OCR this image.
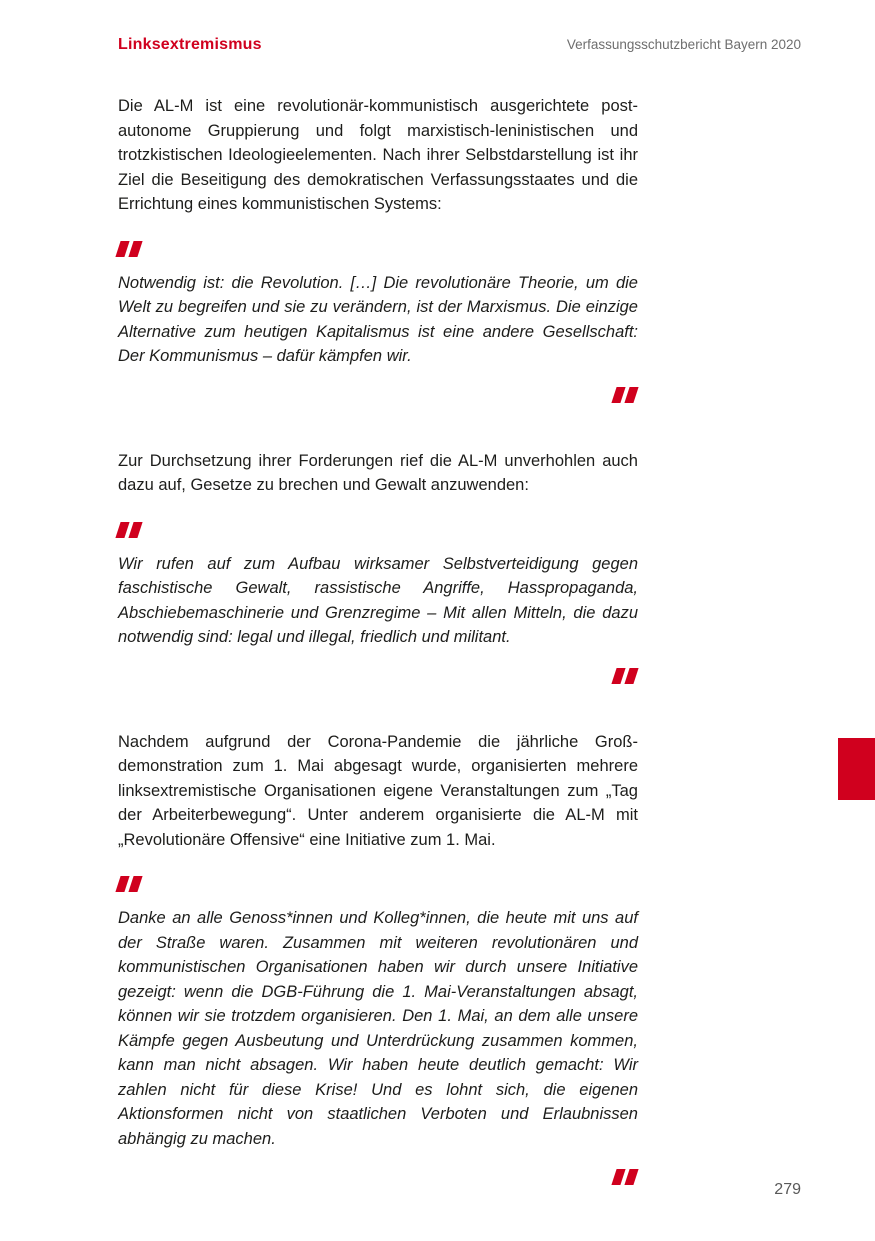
Linksextremismus	Verfassungsschutzbericht Bayern 2020

Die AL-M ist eine revolutionär-kommunistisch ausgerichtete postautonome Gruppierung und folgt marxistisch-leninistischen und trotzkistischen Ideologieelementen. Nach ihrer Selbstdarstellung ist ihr Ziel die Beseitigung des demokratischen Verfassungsstaates und die Errichtung eines kommunistischen Systems:

Notwendig ist: die Revolution. […] Die revolutionäre Theorie, um die Welt zu begreifen und sie zu verändern, ist der Marxismus. Die einzige Alternative zum heutigen Kapitalismus ist eine andere Gesellschaft: Der Kommunismus – dafür kämpfen wir.

Zur Durchsetzung ihrer Forderungen rief die AL-M unverhohlen auch dazu auf, Gesetze zu brechen und Gewalt anzuwenden:

Wir rufen auf zum Aufbau wirksamer Selbstverteidigung gegen faschistische Gewalt, rassistische Angriffe, Hasspropaganda, Abschiebemaschinerie und Grenzregime – Mit allen Mitteln, die dazu notwendig sind: legal und illegal, friedlich und militant.

Nachdem aufgrund der Corona-Pandemie die jährliche Großdemonstration zum 1. Mai abgesagt wurde, organisierten mehrere linksextremistische Organisationen eigene Veranstaltungen zum „Tag der Arbeiterbewegung“. Unter anderem organisierte die AL-M mit „Revolutionäre Offensive“ eine Initiative zum 1. Mai.

Danke an alle Genoss*innen und Kolleg*innen, die heute mit uns auf der Straße waren. Zusammen mit weiteren revolutionären und kommunistischen Organisationen haben wir durch unsere Initiative gezeigt: wenn die DGB-Führung die 1. Mai-Veranstaltungen absagt, können wir sie trotzdem organisieren. Den 1. Mai, an dem alle unsere Kämpfe gegen Ausbeutung und Unterdrückung zusammen kommen, kann man nicht absagen. Wir haben heute deutlich gemacht: Wir zahlen nicht für diese Krise! Und es lohnt sich, die eigenen Aktionsformen nicht von staatlichen Verboten und Erlaubnissen abhängig zu machen.

279
